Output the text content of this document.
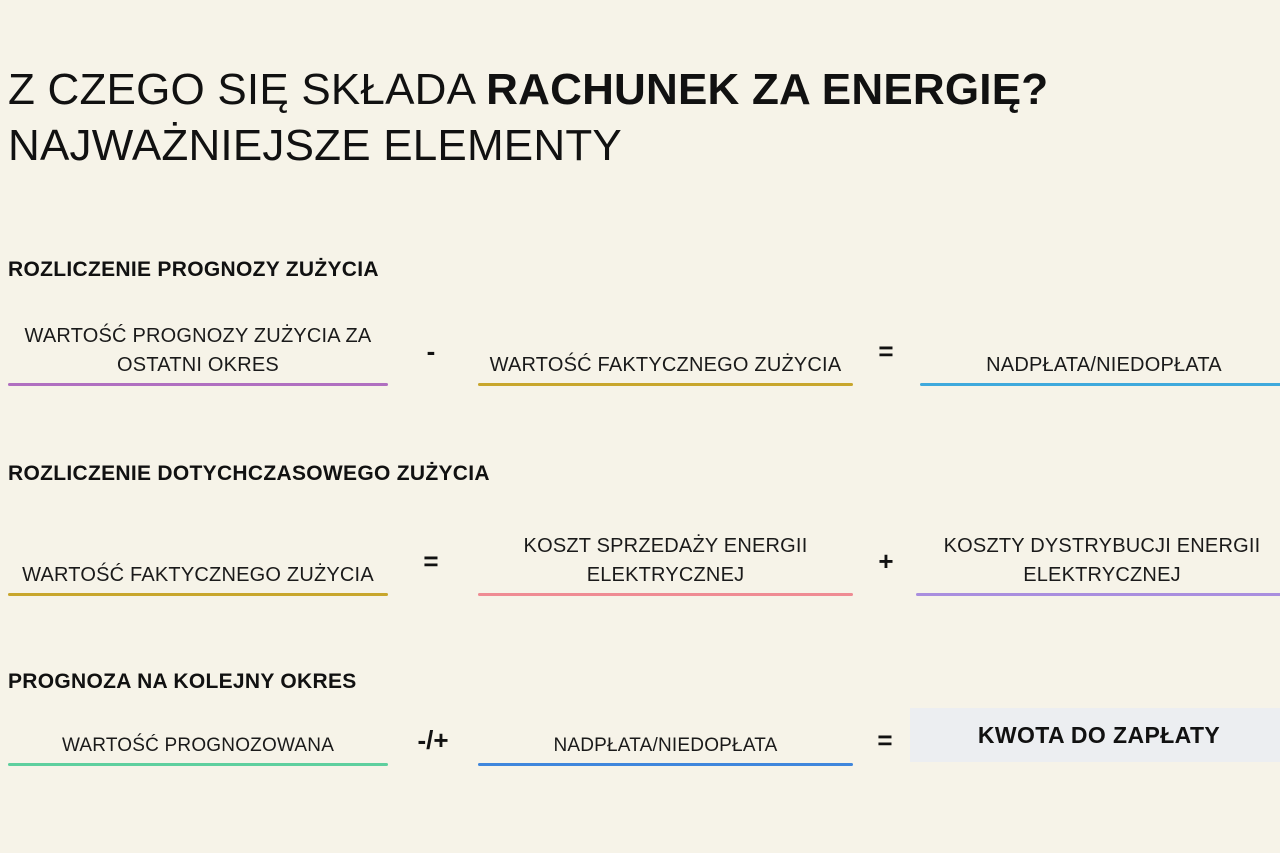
Z CZEGO SIĘ SKŁADA RACHUNEK ZA ENERGIĘ?
NAJWAŻNIEJSZE ELEMENTY
ROZLICZENIE PROGNOZY ZUŻYCIA
WARTOŚĆ PROGNOZY ZUŻYCIA ZA OSTATNI OKRES	-	WARTOŚĆ FAKTYCZNEGO ZUŻYCIA	=	NADPŁATA/NIEDOPŁATA
ROZLICZENIE DOTYCHCZASOWEGO ZUŻYCIA
WARTOŚĆ FAKTYCZNEGO ZUŻYCIA	=	KOSZT SPRZEDAŻY ENERGII ELEKTRYCZNEJ	+	KOSZTY DYSTRYBUCJI ENERGII ELEKTRYCZNEJ
PROGNOZA NA KOLEJNY OKRES
WARTOŚĆ PROGNOZOWANA	-/+	NADPŁATA/NIEDOPŁATA	=	KWOTA DO ZAPŁATY
